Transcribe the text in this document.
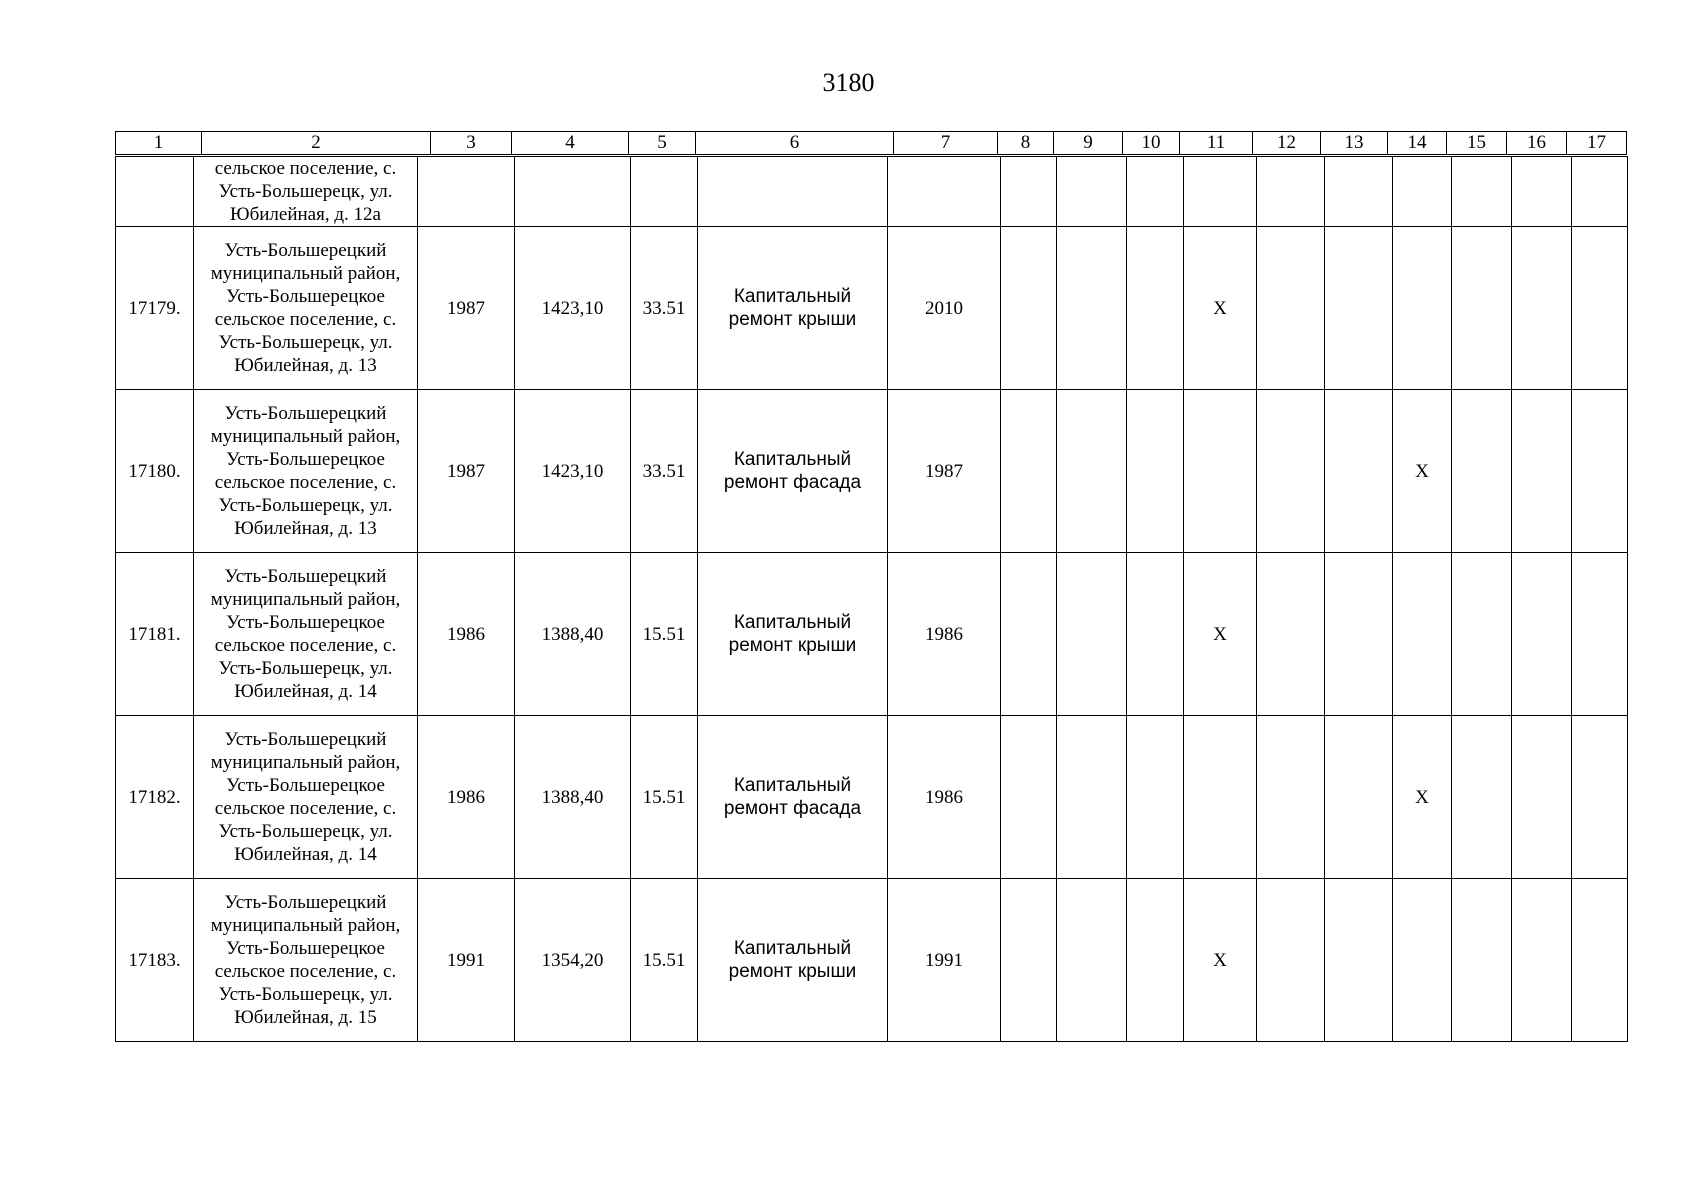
3180
1	2	3	4	5	6	7	8	9	10	11	12	13	14	15	16	17
	сельское поселение, с. Усть-Большерецк, ул. Юбилейная, д. 12а															
17179.	Усть-Большерецкий муниципальный район, Усть-Большерецкое сельское поселение, с. Усть-Большерецк, ул. Юбилейная, д. 13	1987	1423,10	33.51	Капитальный ремонт крыши	2010				X						
17180.	Усть-Большерецкий муниципальный район, Усть-Большерецкое сельское поселение, с. Усть-Большерецк, ул. Юбилейная, д. 13	1987	1423,10	33.51	Капитальный ремонт фасада	1987							X			
17181.	Усть-Большерецкий муниципальный район, Усть-Большерецкое сельское поселение, с. Усть-Большерецк, ул. Юбилейная, д. 14	1986	1388,40	15.51	Капитальный ремонт крыши	1986				X						
17182.	Усть-Большерецкий муниципальный район, Усть-Большерецкое сельское поселение, с. Усть-Большерецк, ул. Юбилейная, д. 14	1986	1388,40	15.51	Капитальный ремонт фасада	1986							X			
17183.	Усть-Большерецкий муниципальный район, Усть-Большерецкое сельское поселение, с. Усть-Большерецк, ул. Юбилейная, д. 15	1991	1354,20	15.51	Капитальный ремонт крыши	1991				X						
